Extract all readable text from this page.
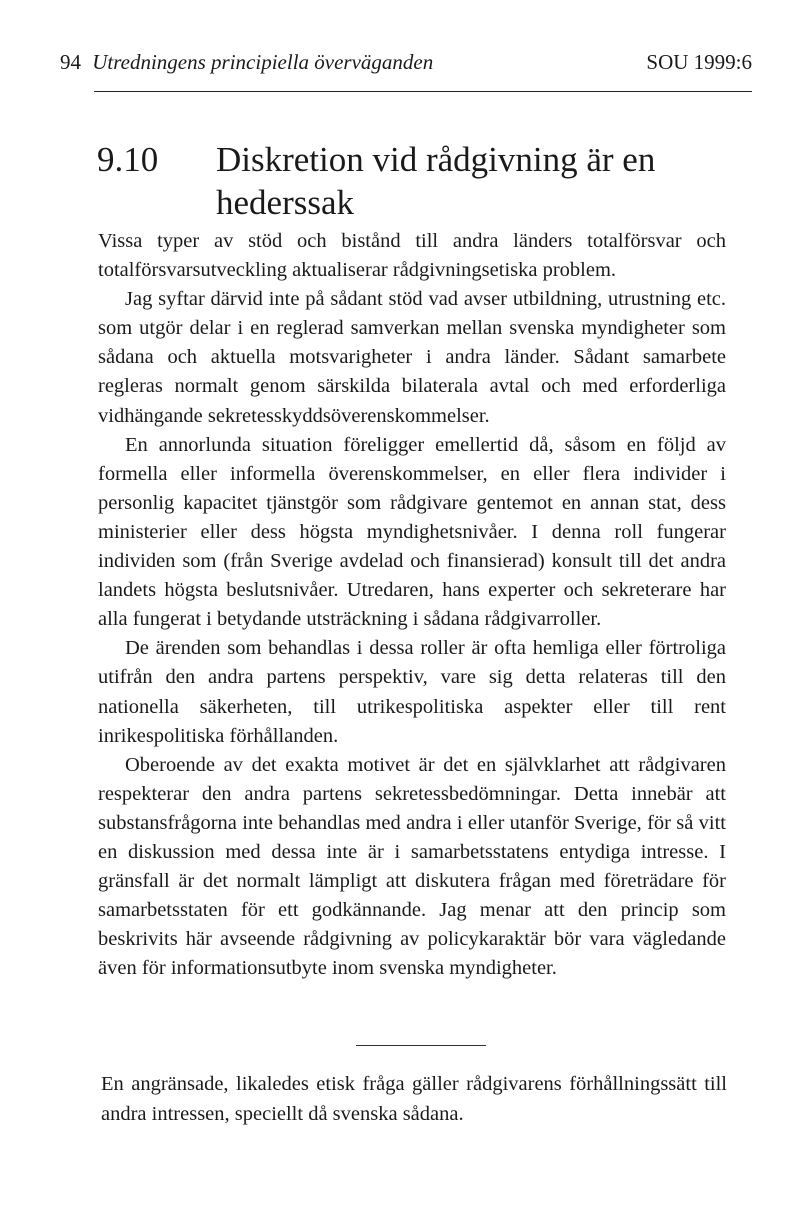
94 Utredningens principiella överväganden	SOU 1999:6
9.10 Diskretion vid rådgivning är en hederssak

Vissa typer av stöd och bistånd till andra länders totalförsvar och totalförsvarsutveckling aktualiserar rådgivningsetiska problem.

Jag syftar därvid inte på sådant stöd vad avser utbildning, utrustning etc. som utgör delar i en reglerad samverkan mellan svenska myndigheter som sådana och aktuella motsvarigheter i andra länder. Sådant samarbete regleras normalt genom särskilda bilaterala avtal och med erforderliga vidhängande sekretesskyddsöverenskommelser.

En annorlunda situation föreligger emellertid då, såsom en följd av formella eller informella överenskommelser, en eller flera individer i personlig kapacitet tjänstgör som rådgivare gentemot en annan stat, dess ministerier eller dess högsta myndighetsnivåer. I denna roll fungerar individen som (från Sverige avdelad och finansierad) konsult till det andra landets högsta beslutsnivåer. Utredaren, hans experter och sekreterare har alla fungerat i betydande utsträckning i sådana rådgivarroller.

De ärenden som behandlas i dessa roller är ofta hemliga eller förtroliga utifrån den andra partens perspektiv, vare sig detta relateras till den nationella säkerheten, till utrikespolitiska aspekter eller till rent inrikespolitiska förhållanden.

Oberoende av det exakta motivet är det en självklarhet att rådgivaren respekterar den andra partens sekretessbedömningar. Detta innebär att substansfrågorna inte behandlas med andra i eller utanför Sverige, för så vitt en diskussion med dessa inte är i samarbetsstatens entydiga intresse. I gränsfall är det normalt lämpligt att diskutera frågan med företrädare för samarbetsstaten för ett godkännande. Jag menar att den princip som beskrivits här avseende rådgivning av policykaraktär bör vara vägledande även för informationsutbyte inom svenska myndigheter.

En angränsade, likaledes etisk fråga gäller rådgivarens förhållningssätt till andra intressen, speciellt då svenska sådana.
